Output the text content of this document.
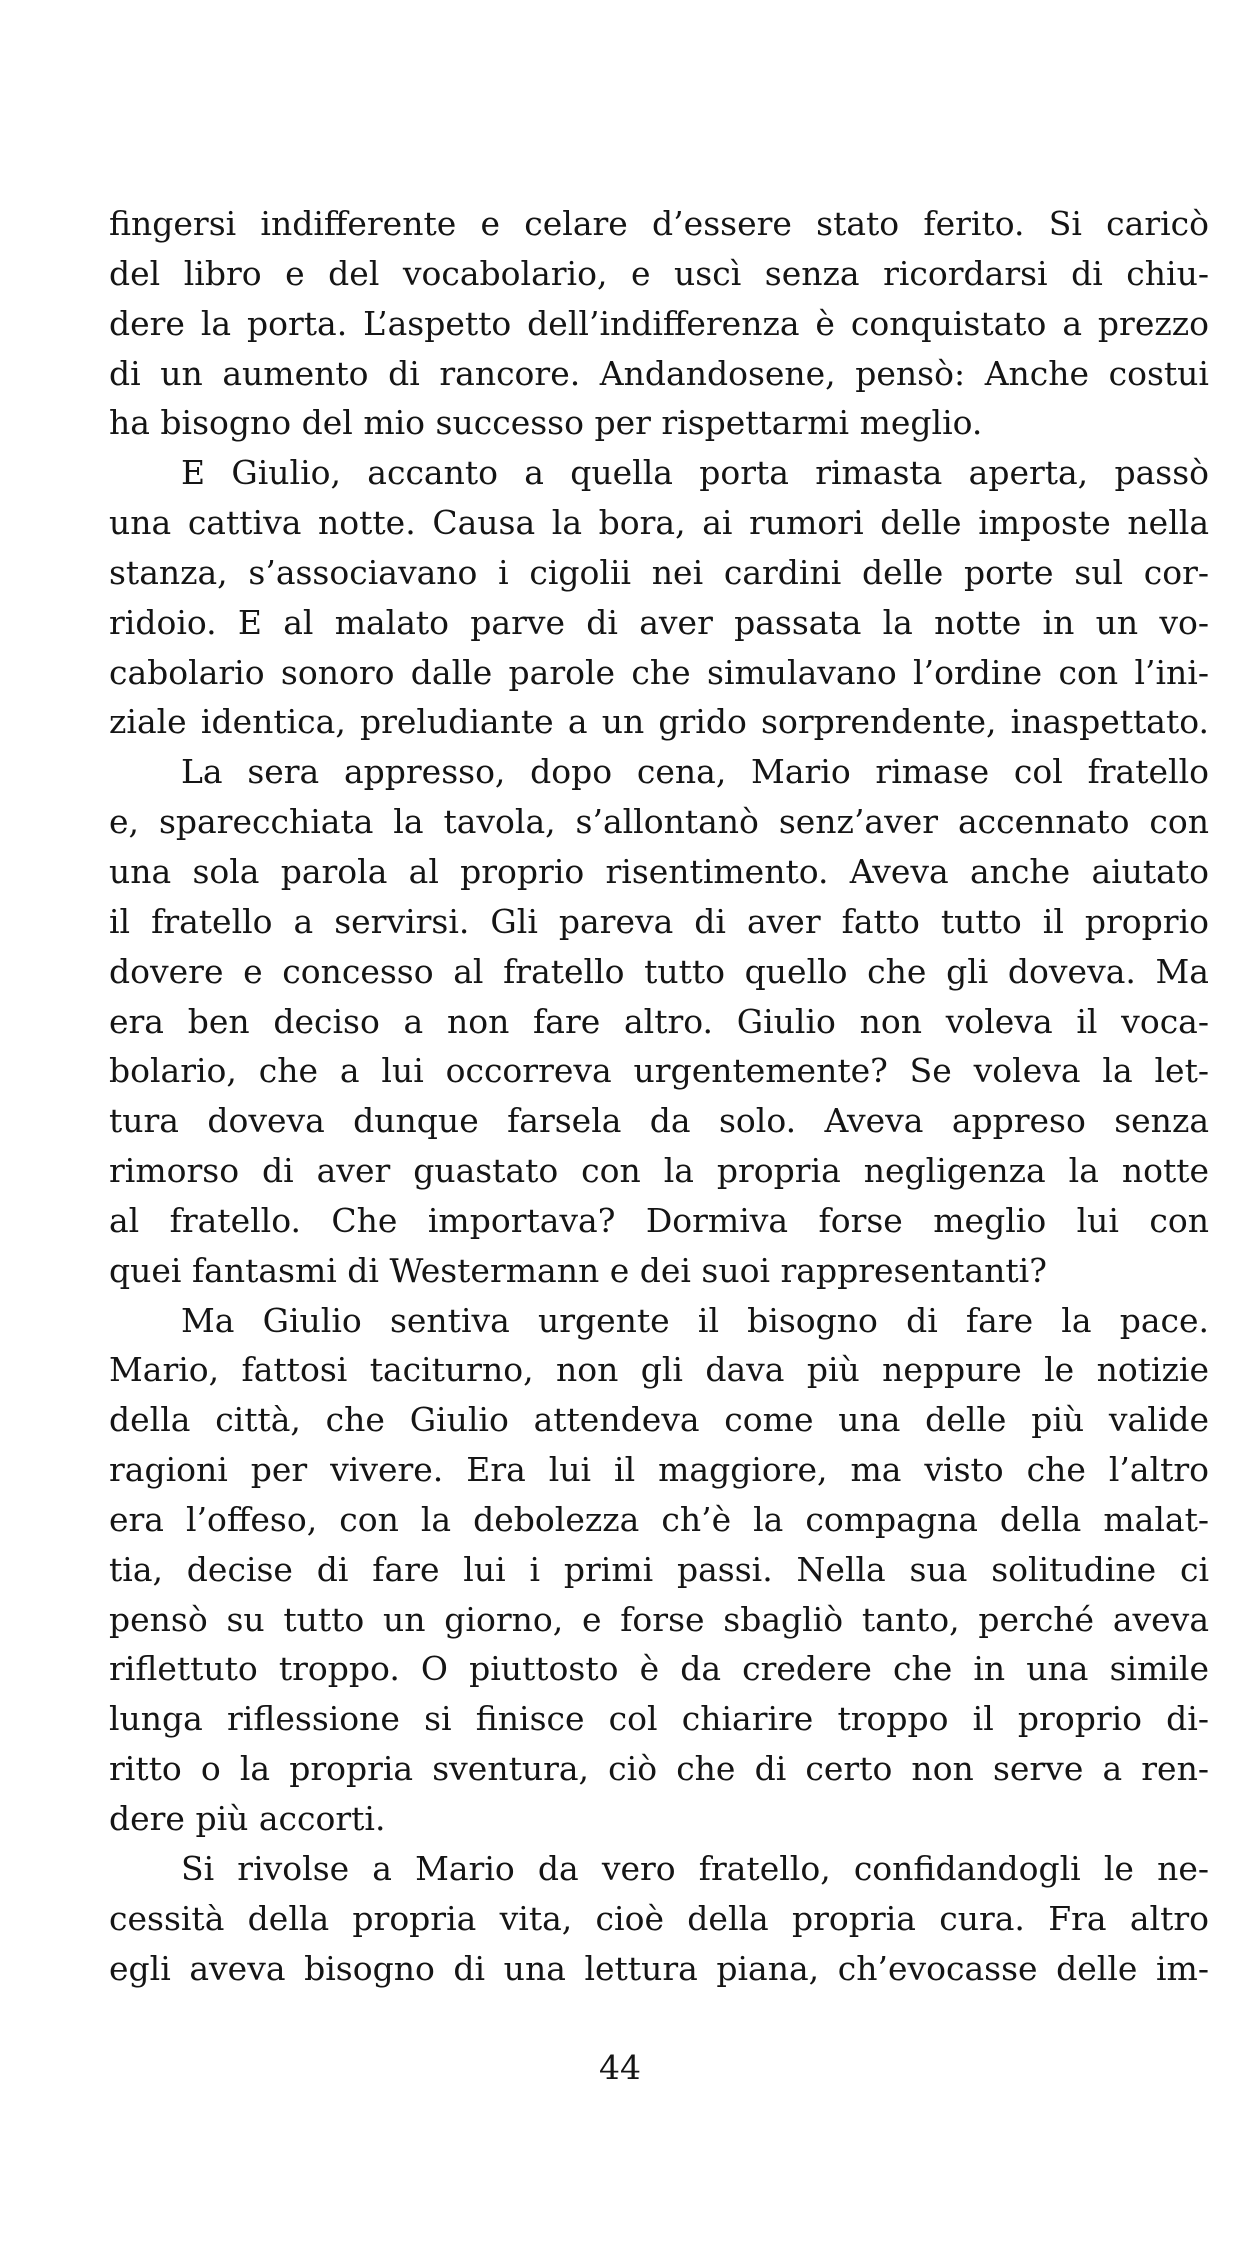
fingersi indifferente e celare d’essere stato ferito. Si caricò
del libro e del vocabolario, e uscì senza ricordarsi di chiu-
dere la porta. L’aspetto dell’indifferenza è conquistato a prezzo
di un aumento di rancore. Andandosene, pensò: Anche costui
ha bisogno del mio successo per rispettarmi meglio.
E Giulio, accanto a quella porta rimasta aperta, passò
una cattiva notte. Causa la bora, ai rumori delle imposte nella
stanza, s’associavano i cigolii nei cardini delle porte sul cor-
ridoio. E al malato parve di aver passata la notte in un vo-
cabolario sonoro dalle parole che simulavano l’ordine con l’ini-
ziale identica, preludiante a un grido sorprendente, inaspettato.
La sera appresso, dopo cena, Mario rimase col fratello
e, sparecchiata la tavola, s’allontanò senz’aver accennato con
una sola parola al proprio risentimento. Aveva anche aiutato
il fratello a servirsi. Gli pareva di aver fatto tutto il proprio
dovere e concesso al fratello tutto quello che gli doveva. Ma
era ben deciso a non fare altro. Giulio non voleva il voca-
bolario, che a lui occorreva urgentemente? Se voleva la let-
tura doveva dunque farsela da solo. Aveva appreso senza
rimorso di aver guastato con la propria negligenza la notte
al fratello. Che importava? Dormiva forse meglio lui con
quei fantasmi di Westermann e dei suoi rappresentanti?
Ma Giulio sentiva urgente il bisogno di fare la pace.
Mario, fattosi taciturno, non gli dava più neppure le notizie
della città, che Giulio attendeva come una delle più valide
ragioni per vivere. Era lui il maggiore, ma visto che l’altro
era l’offeso, con la debolezza ch’è la compagna della malat-
tia, decise di fare lui i primi passi. Nella sua solitudine ci
pensò su tutto un giorno, e forse sbagliò tanto, perché aveva
riflettuto troppo. O piuttosto è da credere che in una simile
lunga riflessione si finisce col chiarire troppo il proprio di-
ritto o la propria sventura, ciò che di certo non serve a ren-
dere più accorti.
Si rivolse a Mario da vero fratello, confidandogli le ne-
cessità della propria vita, cioè della propria cura. Fra altro
egli aveva bisogno di una lettura piana, ch’evocasse delle im-
44
